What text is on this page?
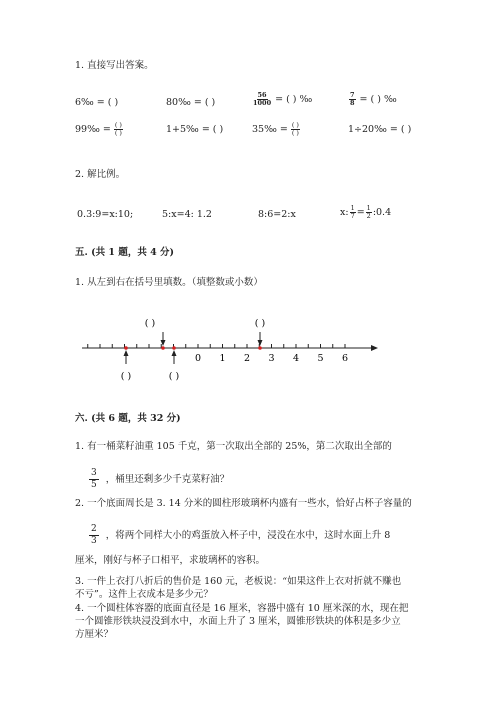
1. 直接写出答案。
6‰ = ( )	80‰ = ( )	$\frac{56}{1000}$ = ( ) ‰	$\frac{7}{8}$ = ( ) ‰
99‰ = $\frac{( )}{( )}$	1+5‰ = ( )	35‰ = $\frac{( )}{( )}$	1÷20‰ = ( )
2. 解比例。
0.3:9=x:10;	5:x=4: 1.2	8:6=2:x	x: $\frac{1}{7} = \frac{1}{2}$ :0.4
五. (共 1 题，共 4 分)
1. 从左到右在括号里填数。（填整数或小数）
0 1 2 3 4 5 6
( )	( )
( )	( )
六. (共 6 题，共 32 分)
1. 有一桶菜籽油重 105 千克，第一次取出全部的 25%，第二次取出全部的
$\frac{3}{5}$ ，桶里还剩多少千克菜籽油？
2. 一个底面周长是 3. 14 分米的圆柱形玻璃杯内盛有一些水，恰好占杯子容量的
$\frac{2}{3}$ ，将两个同样大小的鸡蛋放入杯子中，浸没在水中，这时水面上升 8
厘米，刚好与杯子口相平，求玻璃杯的容积。
3. 一件上衣打八折后的售价是 160 元，老板说：“如果这件上衣对折就不赚也
不亏”。这件上衣成本是多少元？
4. 一个圆柱体容器的底面直径是 16 厘米，容器中盛有 10 厘米深的水，现在把
一个圆锥形铁块浸没到水中，水面上升了 3 厘米，圆锥形铁块的体积是多少立
方厘米？
